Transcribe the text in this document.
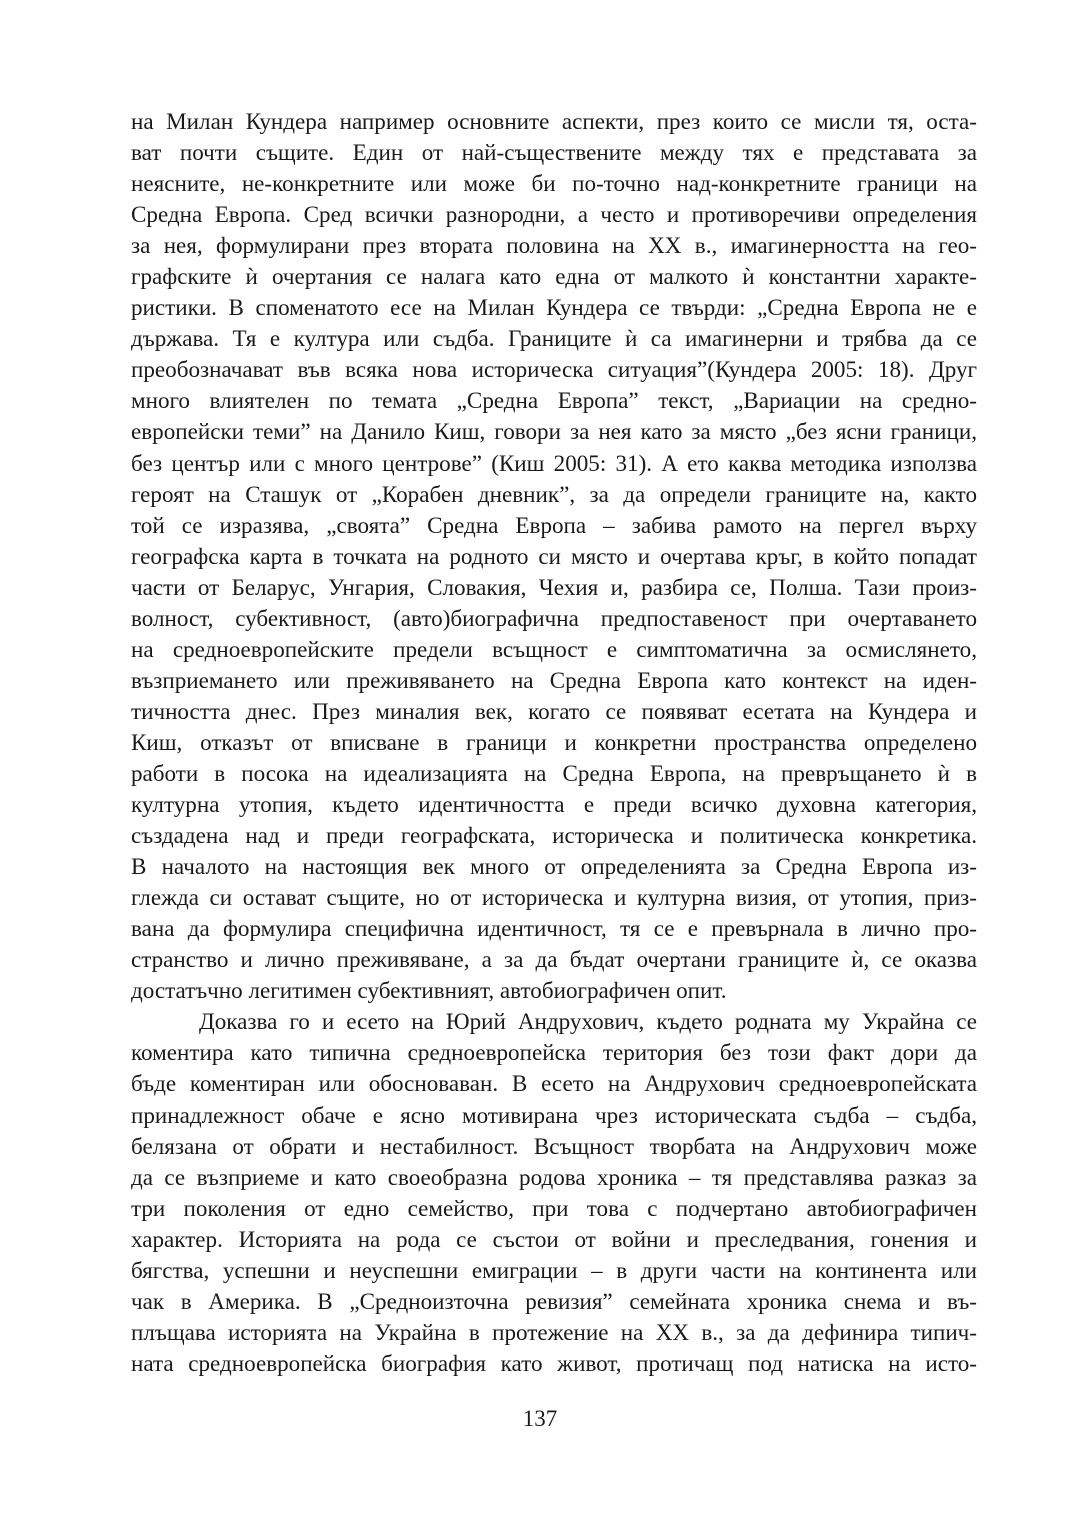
на Милан Кундера например основните аспекти, през които се мисли тя, оста-
ват почти същите. Един от най-съществените между тях е представата за
неясните, не-конкретните или може би по-точно над-конкретните граници на
Средна Европа. Сред всички разнородни, а често и противоречиви определения
за нея, формулирани през втората половина на ХХ в., имагинерността на гео-
графските ѝ очертания се налага като една от малкото ѝ константни характе-
ристики. В споменатото есе на Милан Кундера се твърди: „Средна Европа не е
държава. Тя е култура или съдба. Границите ѝ са имагинерни и трябва да се
преобозначават във всяка нова историческа ситуация”(Кундера 2005: 18). Друг
много влиятелен по темата „Средна Европа” текст, „Вариации на средно-
европейски теми” на Данило Киш, говори за нея като за място „без ясни граници,
без център или с много центрове” (Киш 2005: 31). А ето каква методика използва
героят на Сташук от „Корабен дневник”, за да определи границите на, както
той се изразява, „своята” Средна Европа – забива рамото на пергел върху
географска карта в точката на родното си място и очертава кръг, в който попадат
части от Беларус, Унгария, Словакия, Чехия и, разбира се, Полша. Тази произ-
волност, субективност, (авто)биографична предпоставеност при очертаването
на средноевропейските предели всъщност е симптоматична за осмислянето,
възприемането или преживяването на Средна Европа като контекст на иден-
тичността днес. През миналия век, когато се появяват есетата на Кундера и
Киш, отказът от вписване в граници и конкретни пространства определено
работи в посока на идеализацията на Средна Европа, на превръщането ѝ в
културна утопия, където идентичността е преди всичко духовна категория,
създадена над и преди географската, историческа и политическа конкретика.
В началото на настоящия век много от определенията за Средна Европа из-
глежда си остават същите, но от историческа и културна визия, от утопия, приз-
вана да формулира специфична идентичност, тя се е превърнала в лично про-
странство и лично преживяване, а за да бъдат очертани границите ѝ, се оказва
достатъчно легитимен субективният, автобиографичен опит.
Доказва го и есето на Юрий Андрухович, където родната му Украйна се
коментира като типична средноевропейска територия без този факт дори да
бъде коментиран или обосноваван. В есето на Андрухович средноевропейската
принадлежност обаче е ясно мотивирана чрез историческата съдба – съдба,
белязана от обрати и нестабилност. Всъщност творбата на Андрухович може
да се възприеме и като своеобразна родова хроника – тя представлява разказ за
три поколения от едно семейство, при това с подчертано автобиографичен
характер. Историята на рода се състои от войни и преследвания, гонения и
бягства, успешни и неуспешни емиграции – в други части на континента или
чак в Америка. В „Средноизточна ревизия” семейната хроника снема и въ-
плъщава историята на Украйна в протежение на ХХ в., за да дефинира типич-
ната средноевропейска биография като живот, протичащ под натиска на исто-
137
